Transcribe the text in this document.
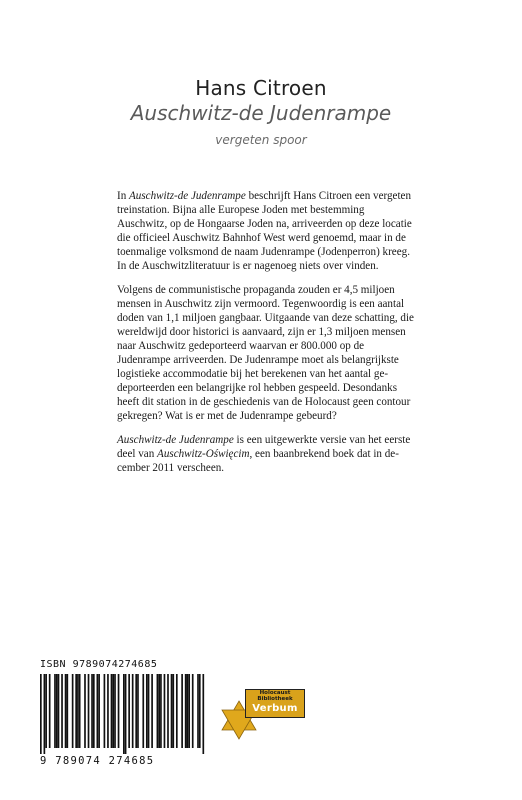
Hans Citroen
Auschwitz-de Judenrampe
vergeten spoor

In Auschwitz-de Judenrampe beschrijft Hans Citroen een vergeten treinstation. Bijna alle Europese Joden met bestemming Auschwitz, op de Hongaarse Joden na, arriveerden op deze locatie die officieel Auschwitz Bahnhof West werd genoemd, maar in de toenmalige volksmond de naam Judenrampe (Jodenperron) kreeg. In de Auschwitzliteratuur is er nagenoeg niets over vinden.

Volgens de communistische propaganda zouden er 4,5 miljoen mensen in Auschwitz zijn vermoord. Tegenwoordig is een aantal doden van 1,1 miljoen gangbaar. Uitgaande van deze schatting, die wereldwijd door historici is aanvaard, zijn er 1,3 miljoen mensen naar Auschwitz gedeporteerd waarvan er 800.000 op de Judenrampe arriveerden. De Judenrampe moet als belangrijkste logistieke accommodatie bij het berekenen van het aantal gedeporteerden een belangrijke rol hebben gespeeld. Desondanks heeft dit station in de geschiedenis van de Holocaust geen contour gekregen? Wat is er met de Judenrampe gebeurd?

Auschwitz-de Judenrampe is een uitgewerkte versie van het eerste deel van Auschwitz-Oświęcim, een baanbrekend boek dat in december 2011 verscheen.

ISBN 9789074274685
9 789074 274685
Holocaust
Bibliotheek
Verbum
